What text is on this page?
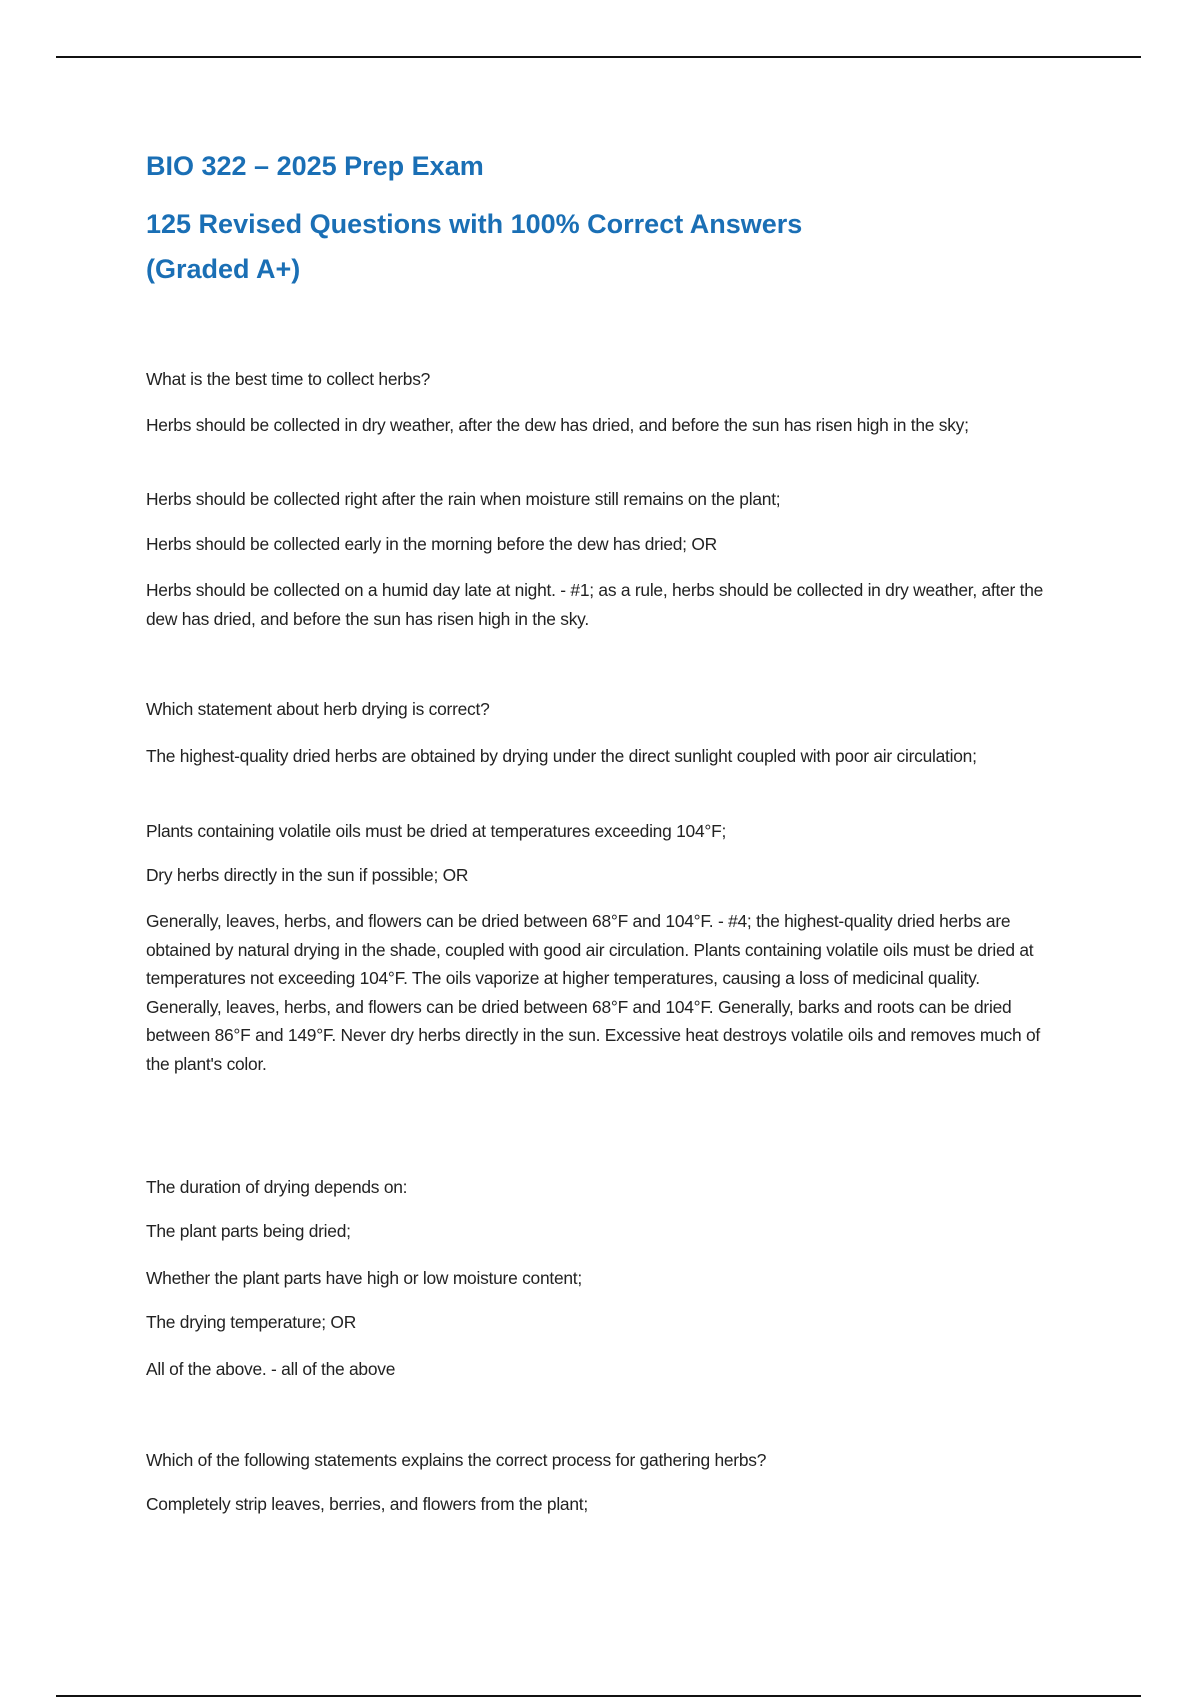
BIO 322 – 2025 Prep Exam
125 Revised Questions with 100% Correct Answers
(Graded A+)

What is the best time to collect herbs?

Herbs should be collected in dry weather, after the dew has dried, and before the sun has risen high in the sky;

Herbs should be collected right after the rain when moisture still remains on the plant;

Herbs should be collected early in the morning before the dew has dried; OR

Herbs should be collected on a humid day late at night. - #1; as a rule, herbs should be collected in dry weather, after the dew has dried, and before the sun has risen high in the sky.

Which statement about herb drying is correct?

The highest-quality dried herbs are obtained by drying under the direct sunlight coupled with poor air circulation;

Plants containing volatile oils must be dried at temperatures exceeding 104°F;

Dry herbs directly in the sun if possible; OR

Generally, leaves, herbs, and flowers can be dried between 68°F and 104°F. - #4; the highest-quality dried herbs are obtained by natural drying in the shade, coupled with good air circulation. Plants containing volatile oils must be dried at temperatures not exceeding 104°F. The oils vaporize at higher temperatures, causing a loss of medicinal quality. Generally, leaves, herbs, and flowers can be dried between 68°F and 104°F. Generally, barks and roots can be dried between 86°F and 149°F. Never dry herbs directly in the sun. Excessive heat destroys volatile oils and removes much of the plant's color.

The duration of drying depends on:

The plant parts being dried;

Whether the plant parts have high or low moisture content;

The drying temperature; OR

All of the above. - all of the above

Which of the following statements explains the correct process for gathering herbs?

Completely strip leaves, berries, and flowers from the plant;
